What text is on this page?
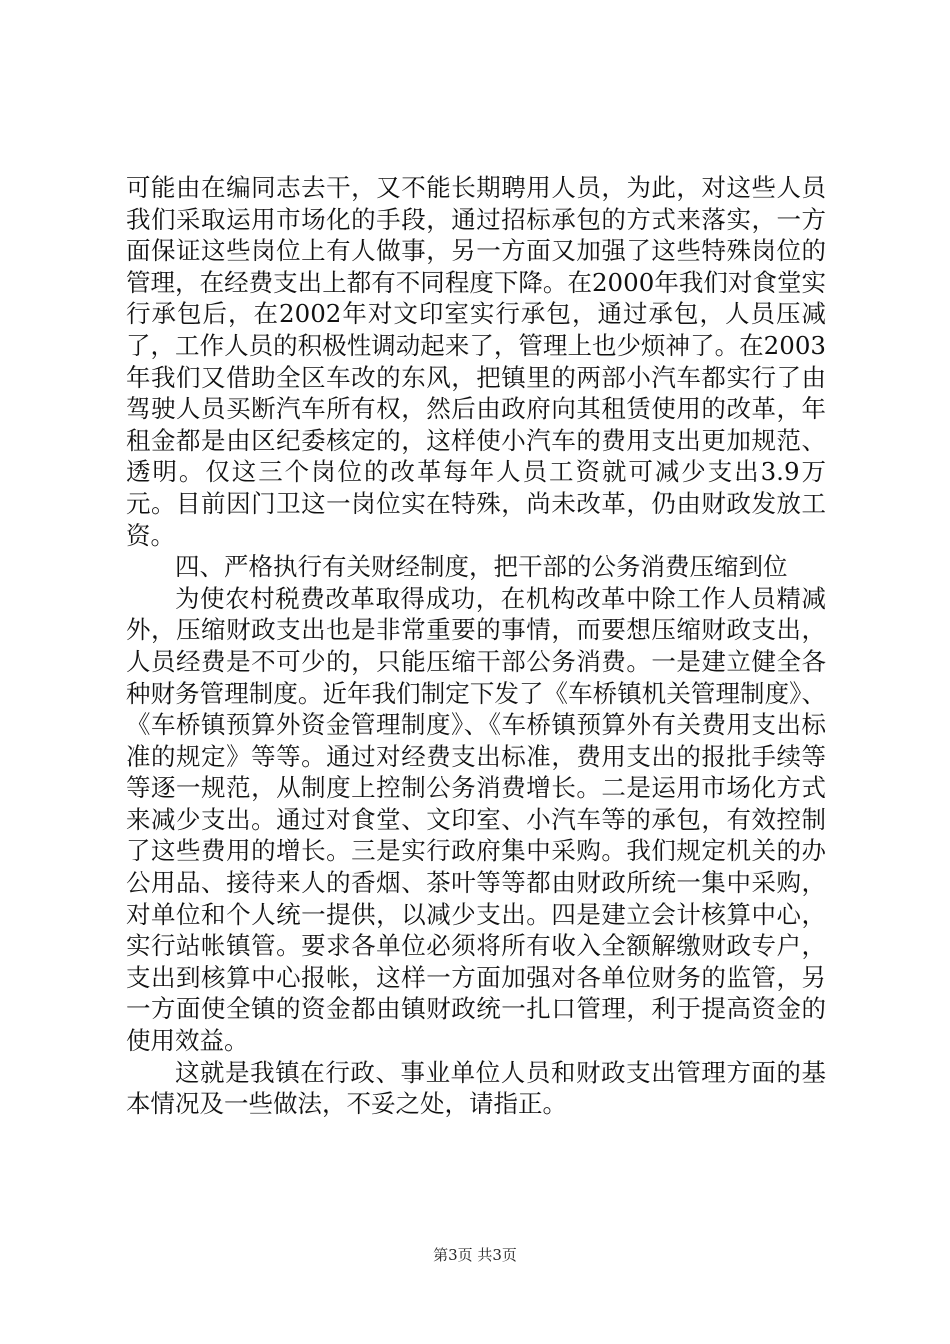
可能由在编同志去干，又不能长期聘用人员，为此，对这些人员我们采取运用市场化的手段，通过招标承包的方式来落实，一方面保证这些岗位上有人做事，另一方面又加强了这些特殊岗位的管理，在经费支出上都有不同程度下降。在2000年我们对食堂实行承包后，在2002年对文印室实行承包，通过承包，人员压减了，工作人员的积极性调动起来了，管理上也少烦神了。在2003年我们又借助全区车改的东风，把镇里的两部小汽车都实行了由驾驶人员买断汽车所有权，然后由政府向其租赁使用的改革，年租金都是由区纪委核定的，这样使小汽车的费用支出更加规范、透明。仅这三个岗位的改革每年人员工资就可减少支出3.9万元。目前因门卫这一岗位实在特殊，尚未改革，仍由财政发放工资。

四、严格执行有关财经制度，把干部的公务消费压缩到位

为使农村税费改革取得成功，在机构改革中除工作人员精减外，压缩财政支出也是非常重要的事情，而要想压缩财政支出，人员经费是不可少的，只能压缩干部公务消费。一是建立健全各种财务管理制度。近年我们制定下发了《车桥镇机关管理制度》、《车桥镇预算外资金管理制度》、《车桥镇预算外有关费用支出标准的规定》等等。通过对经费支出标准，费用支出的报批手续等等逐一规范，从制度上控制公务消费增长。二是运用市场化方式来减少支出。通过对食堂、文印室、小汽车等的承包，有效控制了这些费用的增长。三是实行政府集中采购。我们规定机关的办公用品、接待来人的香烟、茶叶等等都由财政所统一集中采购，对单位和个人统一提供，以减少支出。四是建立会计核算中心，实行站帐镇管。要求各单位必须将所有收入全额解缴财政专户，支出到核算中心报帐，这样一方面加强对各单位财务的监管，另一方面使全镇的资金都由镇财政统一扎口管理，利于提高资金的使用效益。

这就是我镇在行政、事业单位人员和财政支出管理方面的基本情况及一些做法，不妥之处，请指正。

第3页 共3页
